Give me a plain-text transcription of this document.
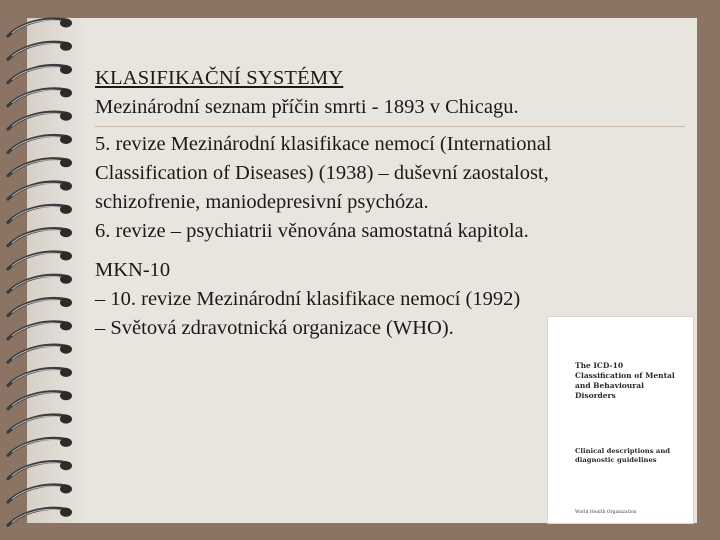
KLASIFIKAČNÍ SYSTÉMY
Mezinárodní seznam příčin smrti - 1893 v Chicagu.
5. revize Mezinárodní klasifikace nemocí (International
Classification of Diseases) (1938) – duševní zaostalost,
schizofrenie, maniodepresivní psychóza.
6. revize – psychiatrii věnována samostatná kapitola.
MKN-10
– 10. revize Mezinárodní klasifikace nemocí (1992)
– Světová zdravotnická organizace (WHO).
The ICD-10
Classification of Mental
and Behavioural
Disorders
Clinical descriptions and
diagnostic guidelines
World Health Organization
